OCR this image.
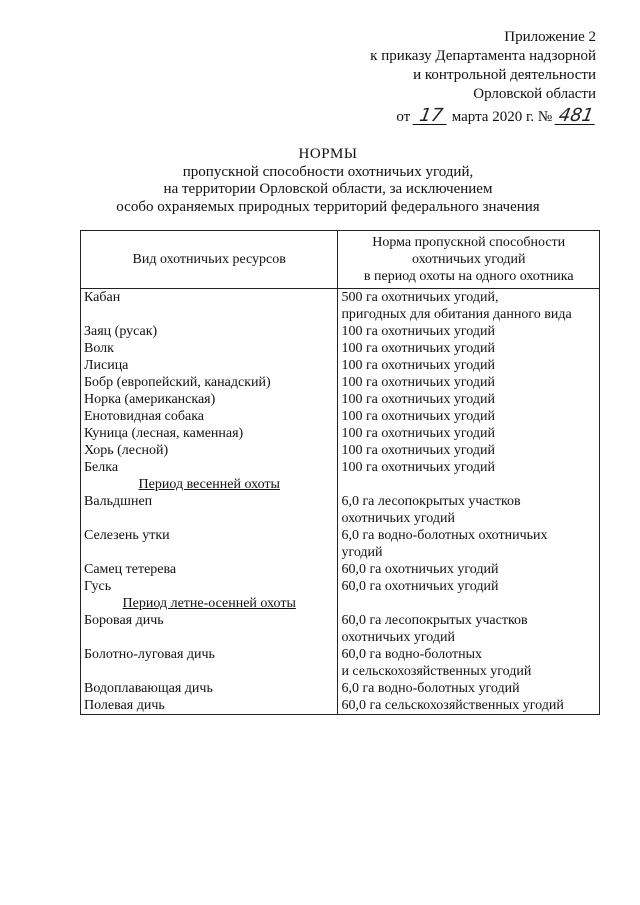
Приложение 2
к приказу Департамента надзорной
и контрольной деятельности
Орловской области
от 17 марта 2020 г. № 481
НОРМЫ
пропускной способности охотничьих угодий,
на территории Орловской области, за исключением
особо охраняемых природных территорий федерального значения
Вид охотничьих ресурсов	Норма пропускной способности
охотничьих угодий
в период охоты на одного охотника

Кабан	500 га охотничьих угодий,
пригодных для обитания данного вида

Заяц (русак)	100 га охотничьих угодий

Волк	100 га охотничьих угодий

Лисица	100 га охотничьих угодий

Бобр (европейский, канадский)	100 га охотничьих угодий

Норка (американская)	100 га охотничьих угодий

Енотовидная собака	100 га охотничьих угодий

Куница (лесная, каменная)	100 га охотничьих угодий

Хорь (лесной)	100 га охотничьих угодий

Белка	100 га охотничьих угодий

Период весенней охоты	

Вальдшнеп	6,0 га лесопокрытых участков
охотничьих угодий

Селезень утки	6,0 га водно-болотных охотничьих
угодий

Самец тетерева	60,0 га охотничьих угодий

Гусь	60,0 га охотничьих угодий

Период летне-осенней охоты	

Боровая дичь	60,0 га лесопокрытых участков
охотничьих угодий

Болотно-луговая дичь	60,0 га водно-болотных
и сельскохозяйственных угодий

Водоплавающая дичь	6,0 га водно-болотных угодий

Полевая дичь	60,0 га сельскохозяйственных угодий
